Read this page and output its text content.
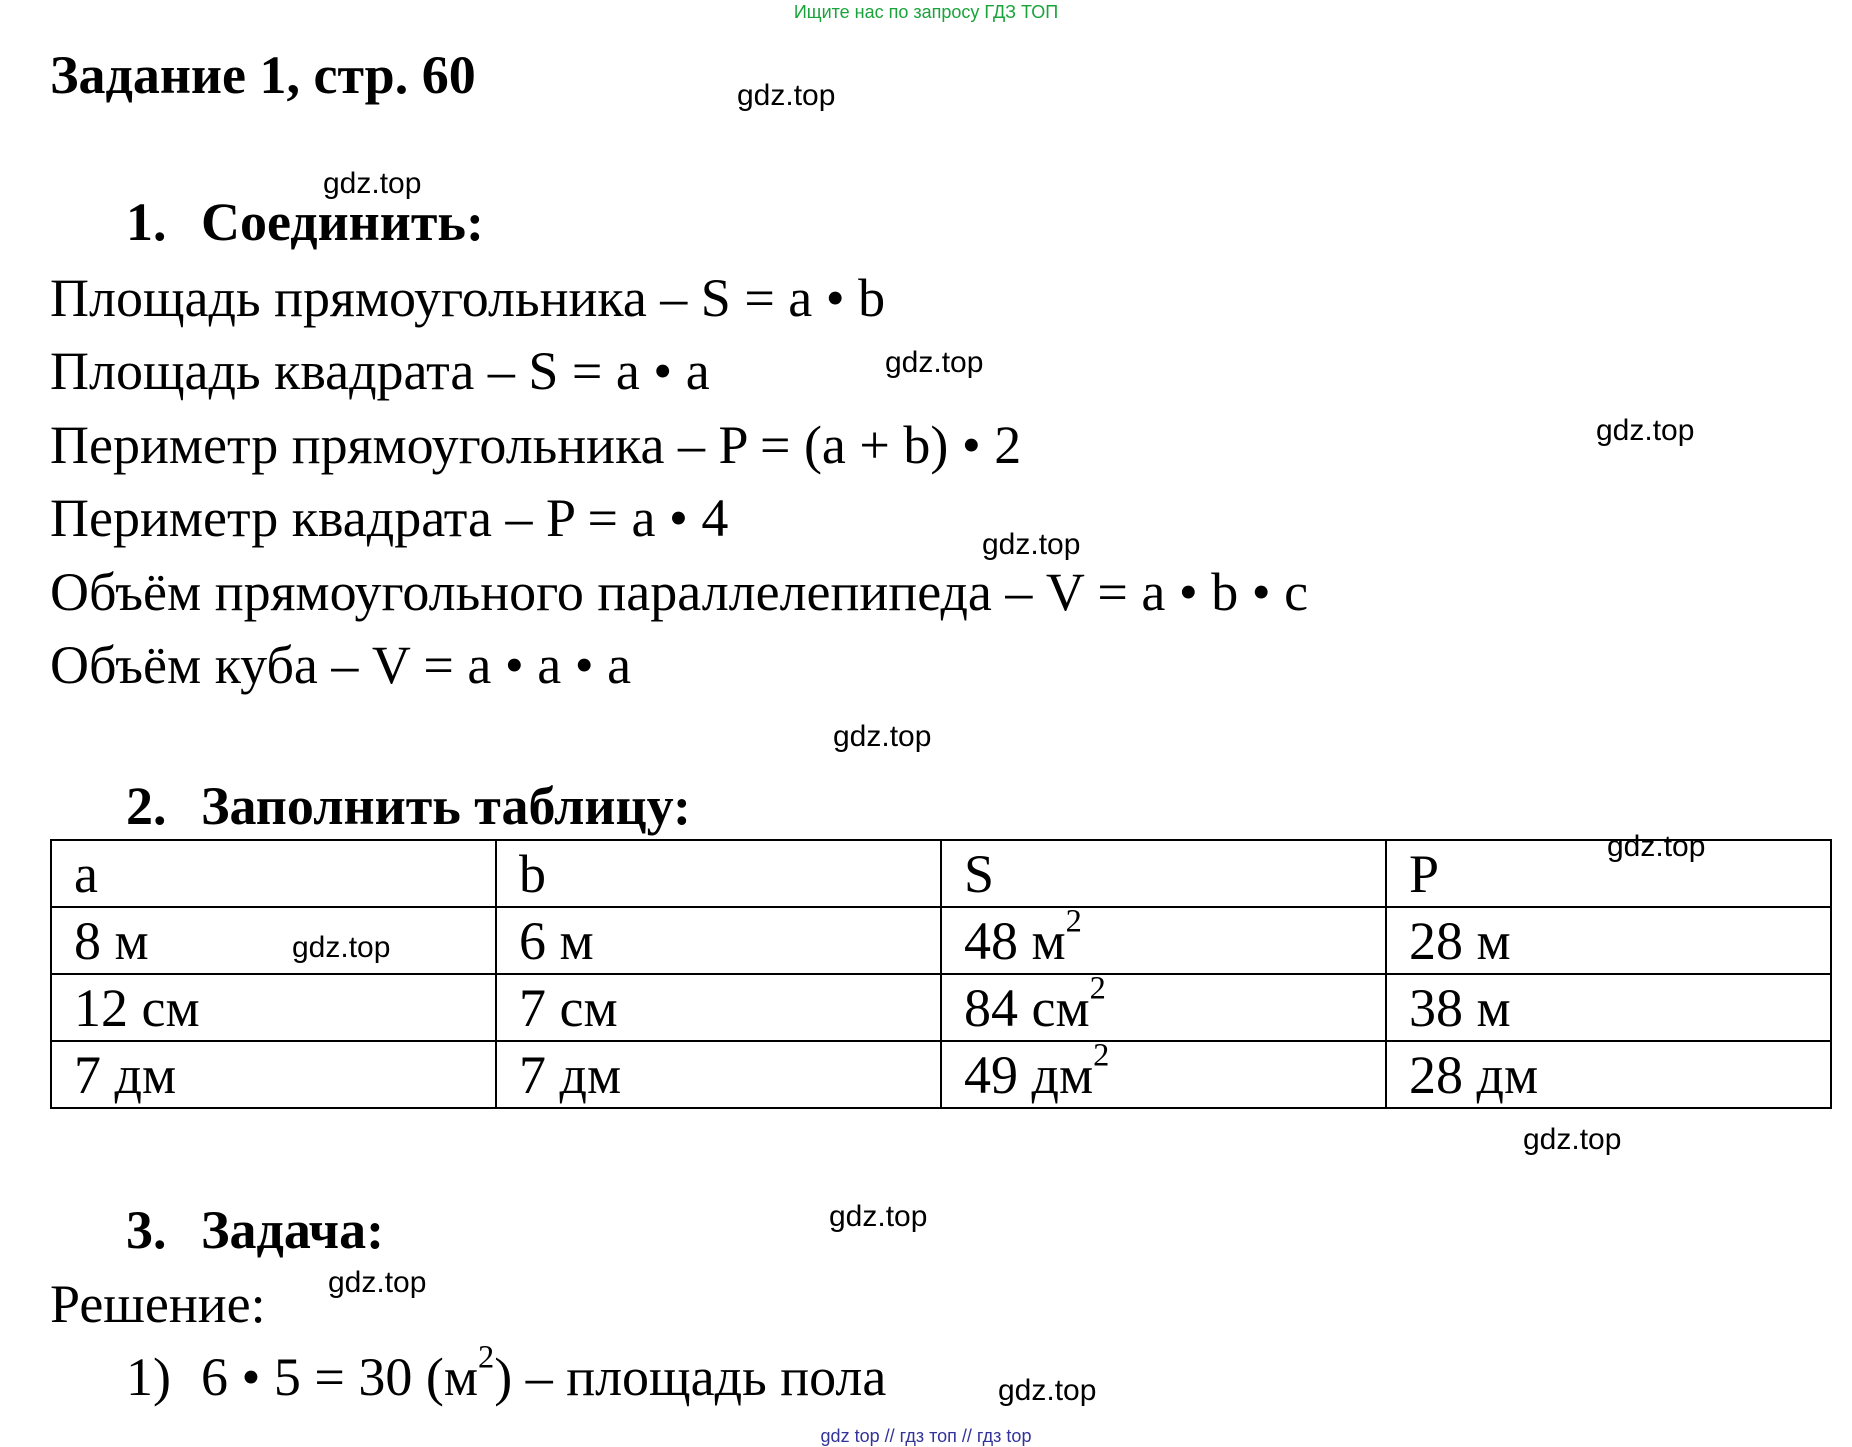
Ищите нас по запросу ГДЗ ТОП
Задание 1, стр. 60
1. Соединить:
Площадь прямоугольника – S = a • b
Площадь квадрата – S = a • a
Периметр прямоугольника – P = (a + b) • 2
Периметр квадрата – P = a • 4
Объём прямоугольного параллелепипеда – V = a • b • c
Объём куба – V = a • a • a
2. Заполнить таблицу:
a	b	S	P
8 м	6 м	48 $м^2$	28 м
12 см	7 см	84 $см^2$	38 м
7 дм	7 дм	49 $дм^2$	28 дм
3. Задача:
Решение:
1) 6 • 5 = 30 $(м^2)$ – площадь пола
gdz.top
gdz.top
gdz.top
gdz.top
gdz.top
gdz.top
gdz.top
gdz.top
gdz.top
gdz.top
gdz.top
gdz.top
gdz top // гдз топ // гдз top
